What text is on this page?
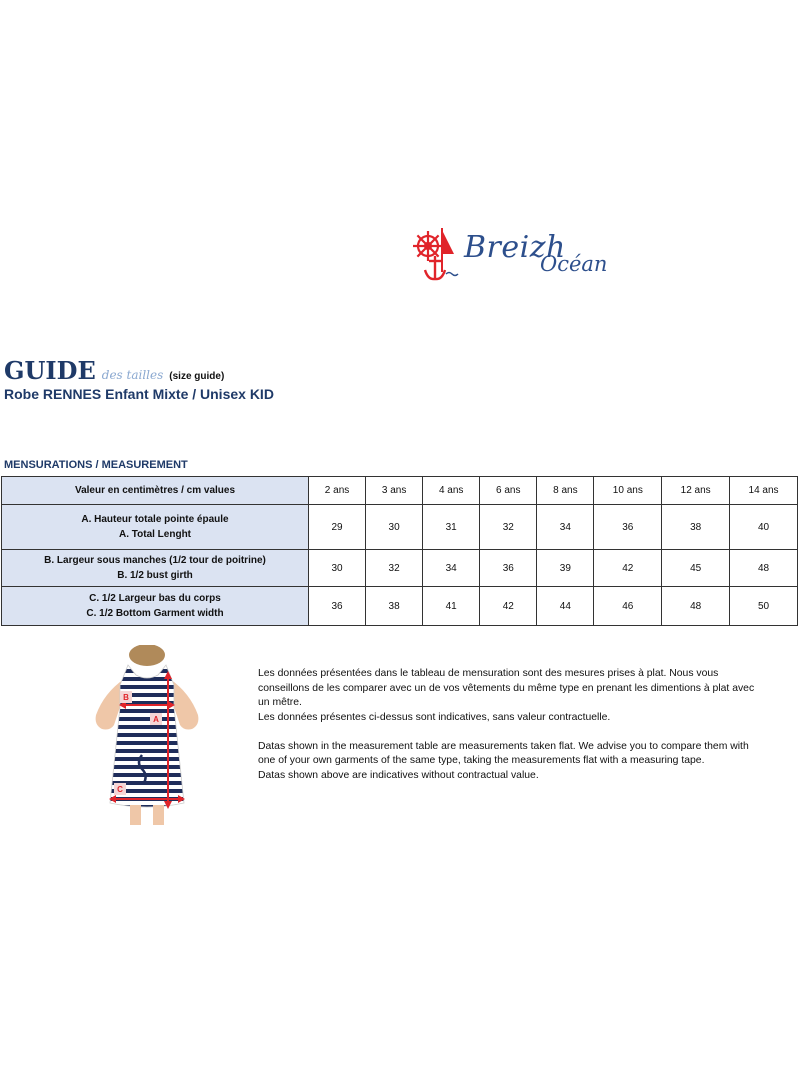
Breizh
Océan
GUIDE des tailles (size guide)
Robe RENNES Enfant Mixte / Unisex KID
MENSURATIONS / MEASUREMENT
Valeur en centimètres / cm values	2 ans	3 ans	4 ans	6 ans	8 ans	10 ans	12 ans	14 ans

A. Hauteur totale pointe épaule
A. Total Lenght	29	30	31	32	34	36	38	40

B. Largeur sous manches (1/2 tour de poitrine)
B. 1/2 bust girth	30	32	34	36	39	42	45	48

C. 1/2 Largeur bas du corps
C. 1/2 Bottom Garment width	36	38	41	42	44	46	48	50
B
A
C

Les données présentées dans le tableau de mensuration sont des mesures prises à plat. Nous vous conseillons de les comparer avec un de vos vêtements du même type en prenant les dimentions à plat avec un mêtre.

Les données présentes ci-dessus sont indicatives, sans valeur contractuelle.

Datas shown in the measurement table are measurements taken flat. We advise you to compare them with one of your own garments of the same type, taking the measurements flat with a measuring tape.

Datas shown above are indicatives without contractual value.
